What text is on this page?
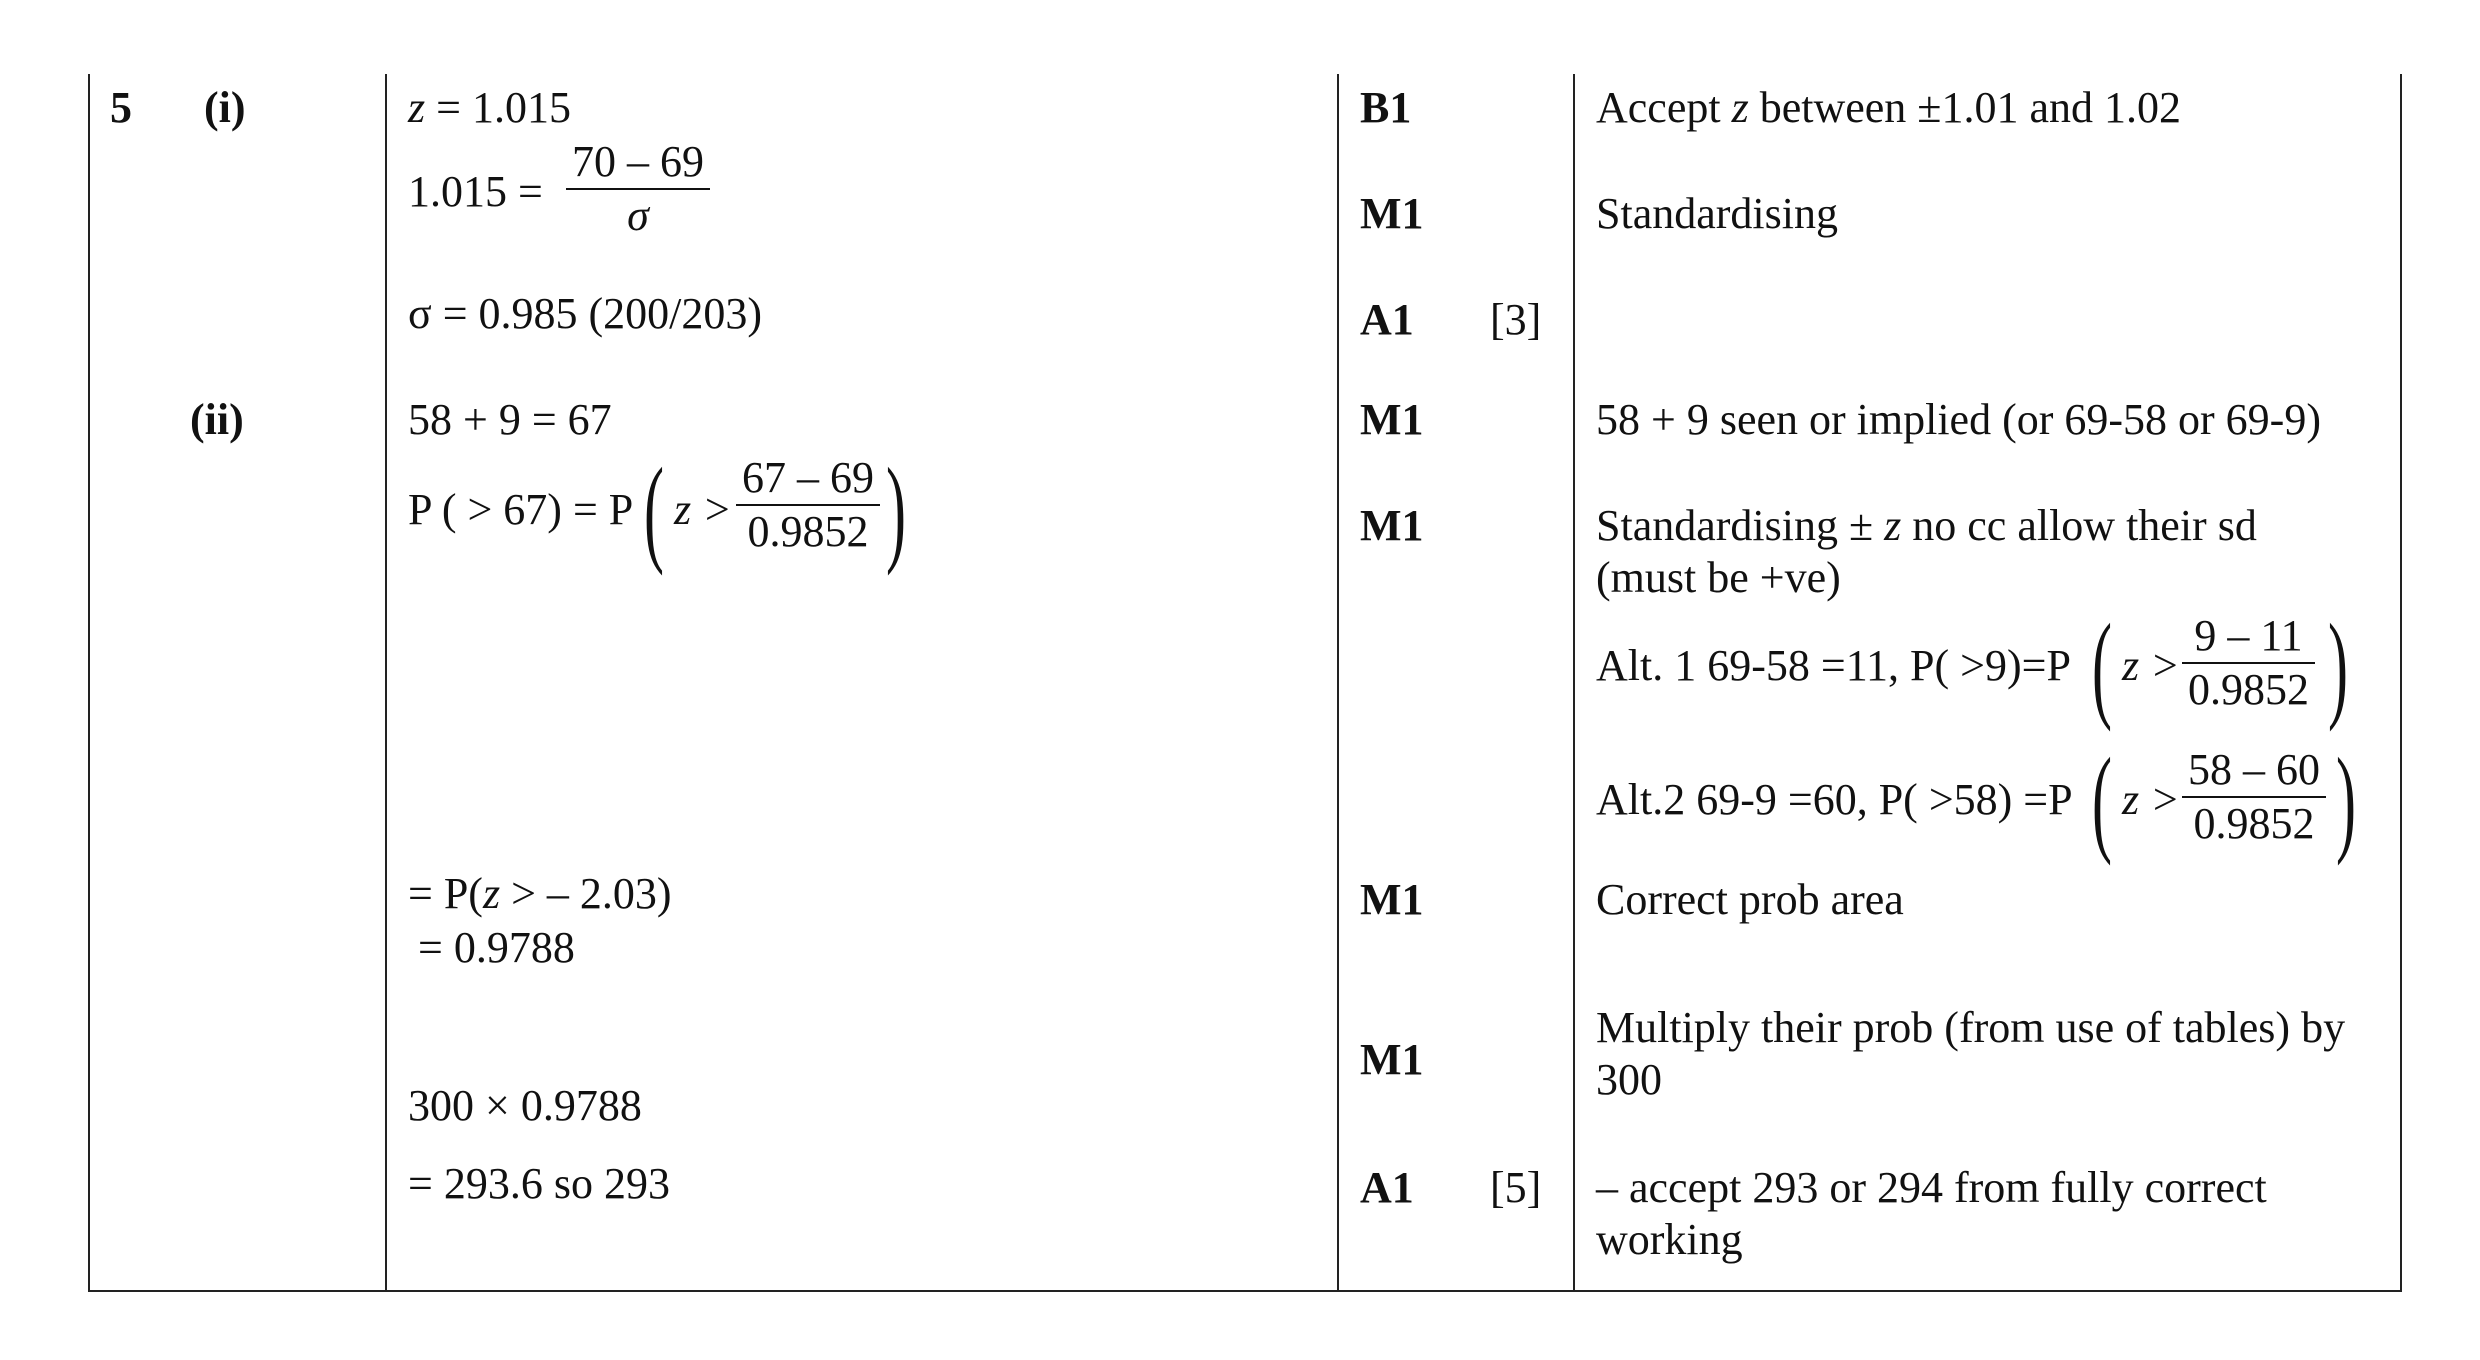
5 (i)
(ii)
z = 1.015
$1.015 = \frac{70 - 69}{\sigma}$
σ = 0.985 (200/203)
B1
M1
A1 [3]
Accept z between ±1.01 and 1.02
Standardising
58 + 9 = 67
P ( > 67) = P ( $z > \frac{67 - 69}{0.9852}$ )
= P(z > – 2.03)
= 0.9788
300 × 0.9788
= 293.6 so 293
M1
M1
M1
M1
A1 [5]
58 + 9 seen or implied (or 69-58 or 69-9)
Standardising ± z no cc allow their sd
(must be +ve)
Alt. 1 69-58 =11, P( >9)=P ( $z > \frac{9 - 11}{0.9852}$ )
Alt.2 69-9 =60, P( >58) =P ( $z > \frac{58 - 60}{0.9852}$ )
Correct prob area
Multiply their prob (from use of tables) by
300
– accept 293 or 294 from fully correct
working
